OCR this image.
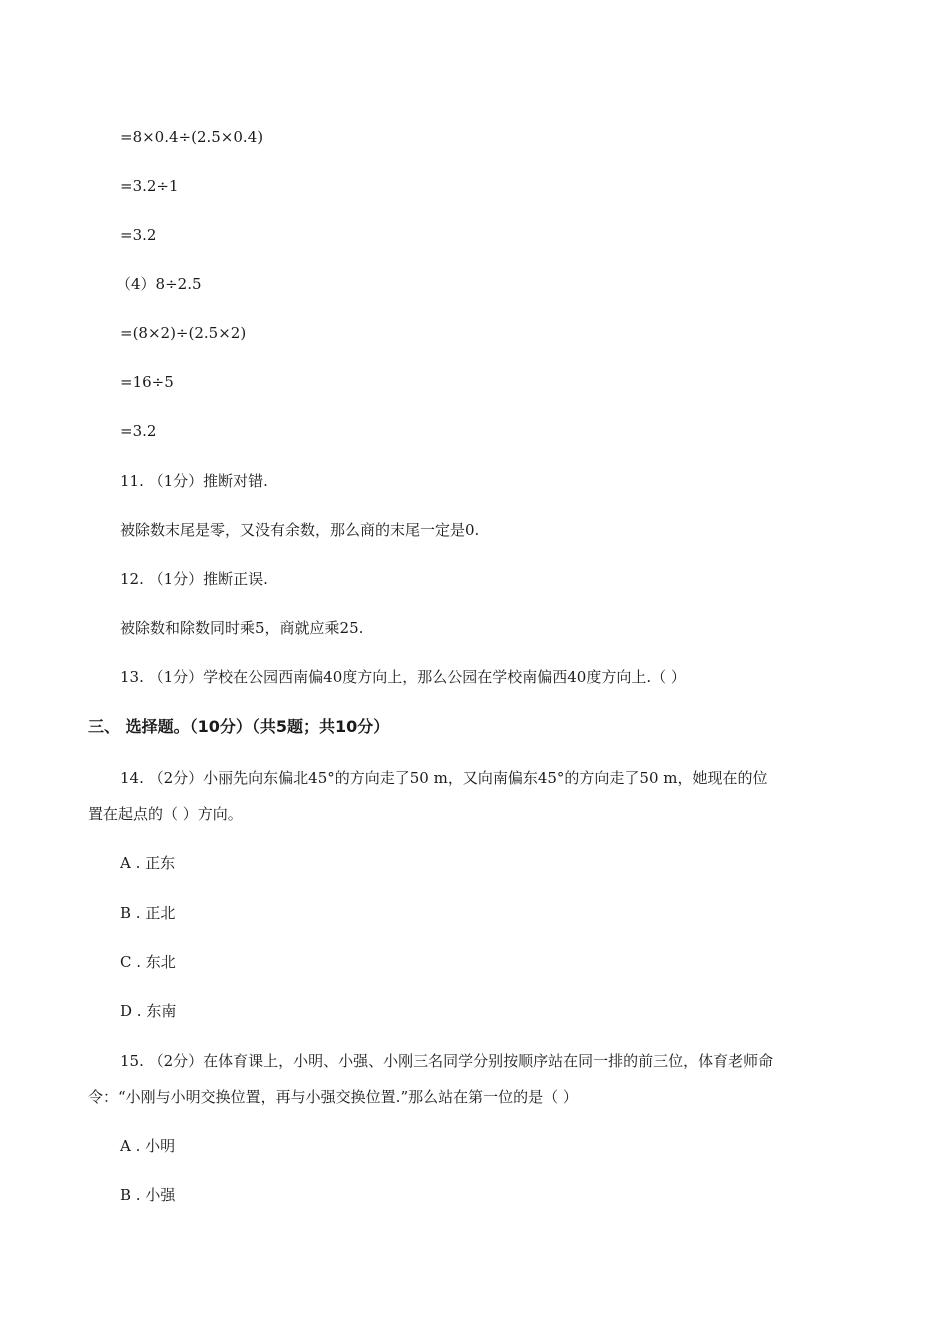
=8×0.4÷(2.5×0.4)
=3.2÷1
=3.2
（4）8÷2.5
=(8×2)÷(2.5×2)
=16÷5
=3.2
11. （1分）推断对错.
被除数末尾是零，又没有余数，那么商的末尾一定是0.
12. （1分）推断正误.
被除数和除数同时乘5，商就应乘25.
13. （1分）学校在公园西南偏40度方向上，那么公园在学校南偏西40度方向上.（ ）
三、 选择题。（10分）（共5题；共10分）
14. （2分）小丽先向东偏北45°的方向走了50 m，又向南偏东45°的方向走了50 m，她现在的位
置在起点的（ ）方向。
A . 正东
B . 正北
C . 东北
D . 东南
15. （2分）在体育课上，小明、小强、小刚三名同学分别按顺序站在同一排的前三位，体育老师命
令：“小刚与小明交换位置，再与小强交换位置.”那么站在第一位的是（ ）
A . 小明
B . 小强
